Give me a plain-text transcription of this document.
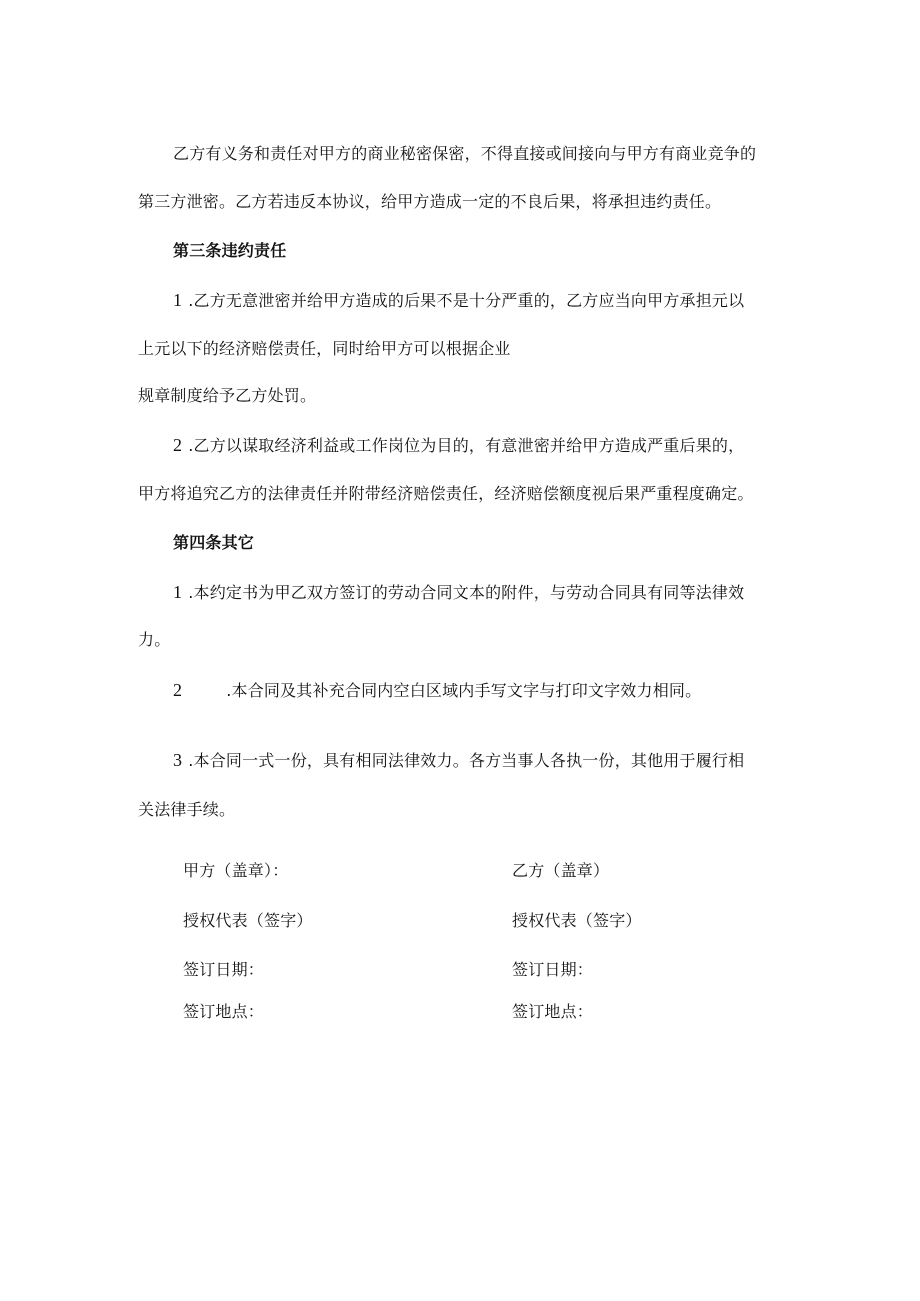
乙方有义务和责任对甲方的商业秘密保密，不得直接或间接向与甲方有商业竞争的
第三方泄密。乙方若违反本协议，给甲方造成一定的不良后果，将承担违约责任。
第三条违约责任
1 .乙方无意泄密并给甲方造成的后果不是十分严重的，乙方应当向甲方承担元以
上元以下的经济赔偿责任，同时给甲方可以根据企业
规章制度给予乙方处罚。
2 .乙方以谋取经济利益或工作岗位为目的，有意泄密并给甲方造成严重后果的，
甲方将追究乙方的法律责任并附带经济赔偿责任，经济赔偿额度视后果严重程度确定。
第四条其它
1 .本约定书为甲乙双方签订的劳动合同文本的附件，与劳动合同具有同等法律效
力。
2	.本合同及其补充合同内空白区域内手写文字与打印文字效力相同。
3 .本合同一式一份，具有相同法律效力。各方当事人各执一份，其他用于履行相
关法律手续。
甲方（盖章）：	乙方（盖章）
授权代表（签字）	授权代表（签字）
签订日期：	签订日期：
签订地点：	签订地点：
